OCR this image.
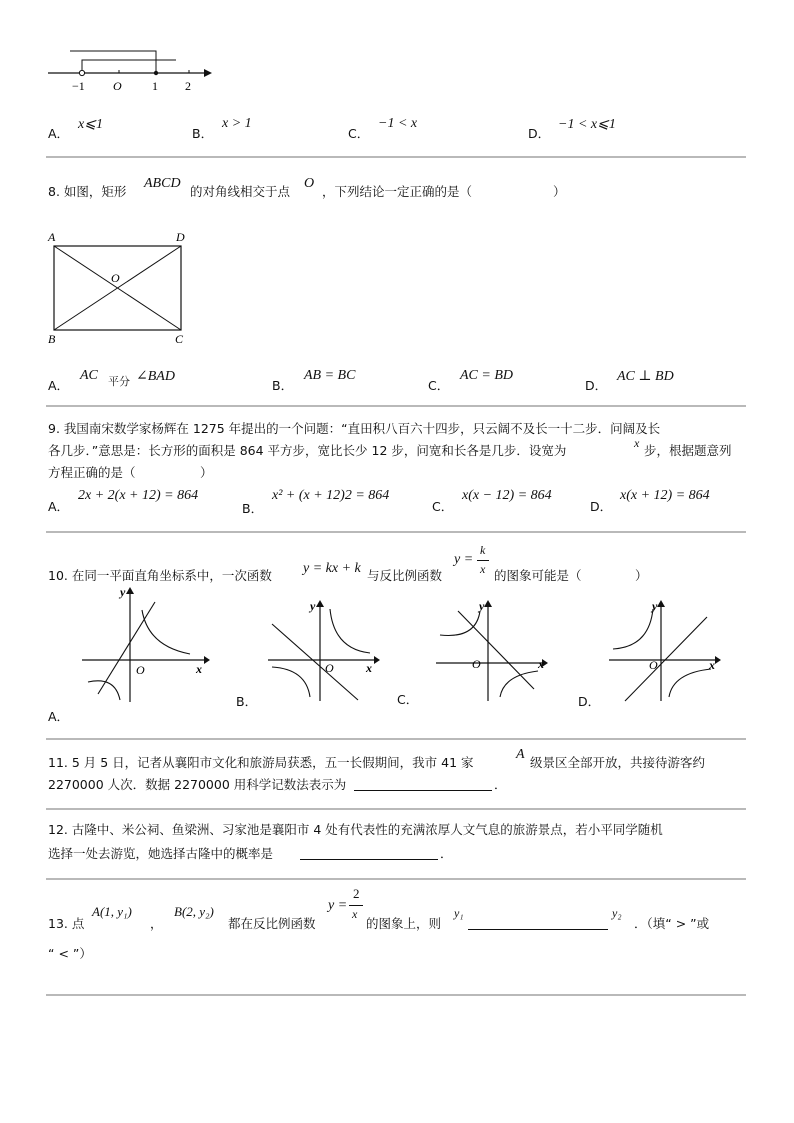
−1 O	1 2
A．
x⩽1
B．
x > 1
C．
−1 < x
D．
−1 < x⩽1
8. 如图，矩形
ABCD
的对角线相交于点
O
，下列结论一定正确的是（	）
A	D
O
B	C
A．
AC 平分 ∠BAD
B．
AB = BC
C．
AC = BD
D．
AC ⊥ BD
9. 我国南宋数学家杨辉在 1275 年提出的一个问题：“直田积八百六十四步，只云阔不及长一十二步．问阔及长
各几步．”意思是：长方形的面积是 864 平方步，宽比长少 12 步，问宽和长各是几步．设宽为	x 步，根据题意列
方程正确的是（	）
A．
2x + 2(x + 12) = 864
B．
x² + (x + 12)2 = 864
C．
x(x − 12) = 864
D．
x(x + 12) = 864
10. 在同一平面直角坐标系中，一次函数 y = kx + k 与反比例函数
y =
k
x 的图象可能是（	）
x
y
O
A．
x
y
O
B．
x
y
O
C．
x
y
O
D．
11. 5 月 5 日，记者从襄阳市文化和旅游局获悉，五一长假期间，我市 41 家
A
级景区全部开放，共接待游客约
2270000 人次．数据 2270000 用科学记数法表示为	．
12. 古隆中、米公祠、鱼梁洲、习家池是襄阳市 4 处有代表性的充满浓厚人文气息的旅游景点，若小平同学随机
选择一处去游览，她选择古隆中的概率是	．
13. 点
A(1, y₁)
，
B(2, y₂)
都在反比例函数
y =
2
x
的图象上，则
y₁	y₂
．（填“ > ”或
“ < ”）
